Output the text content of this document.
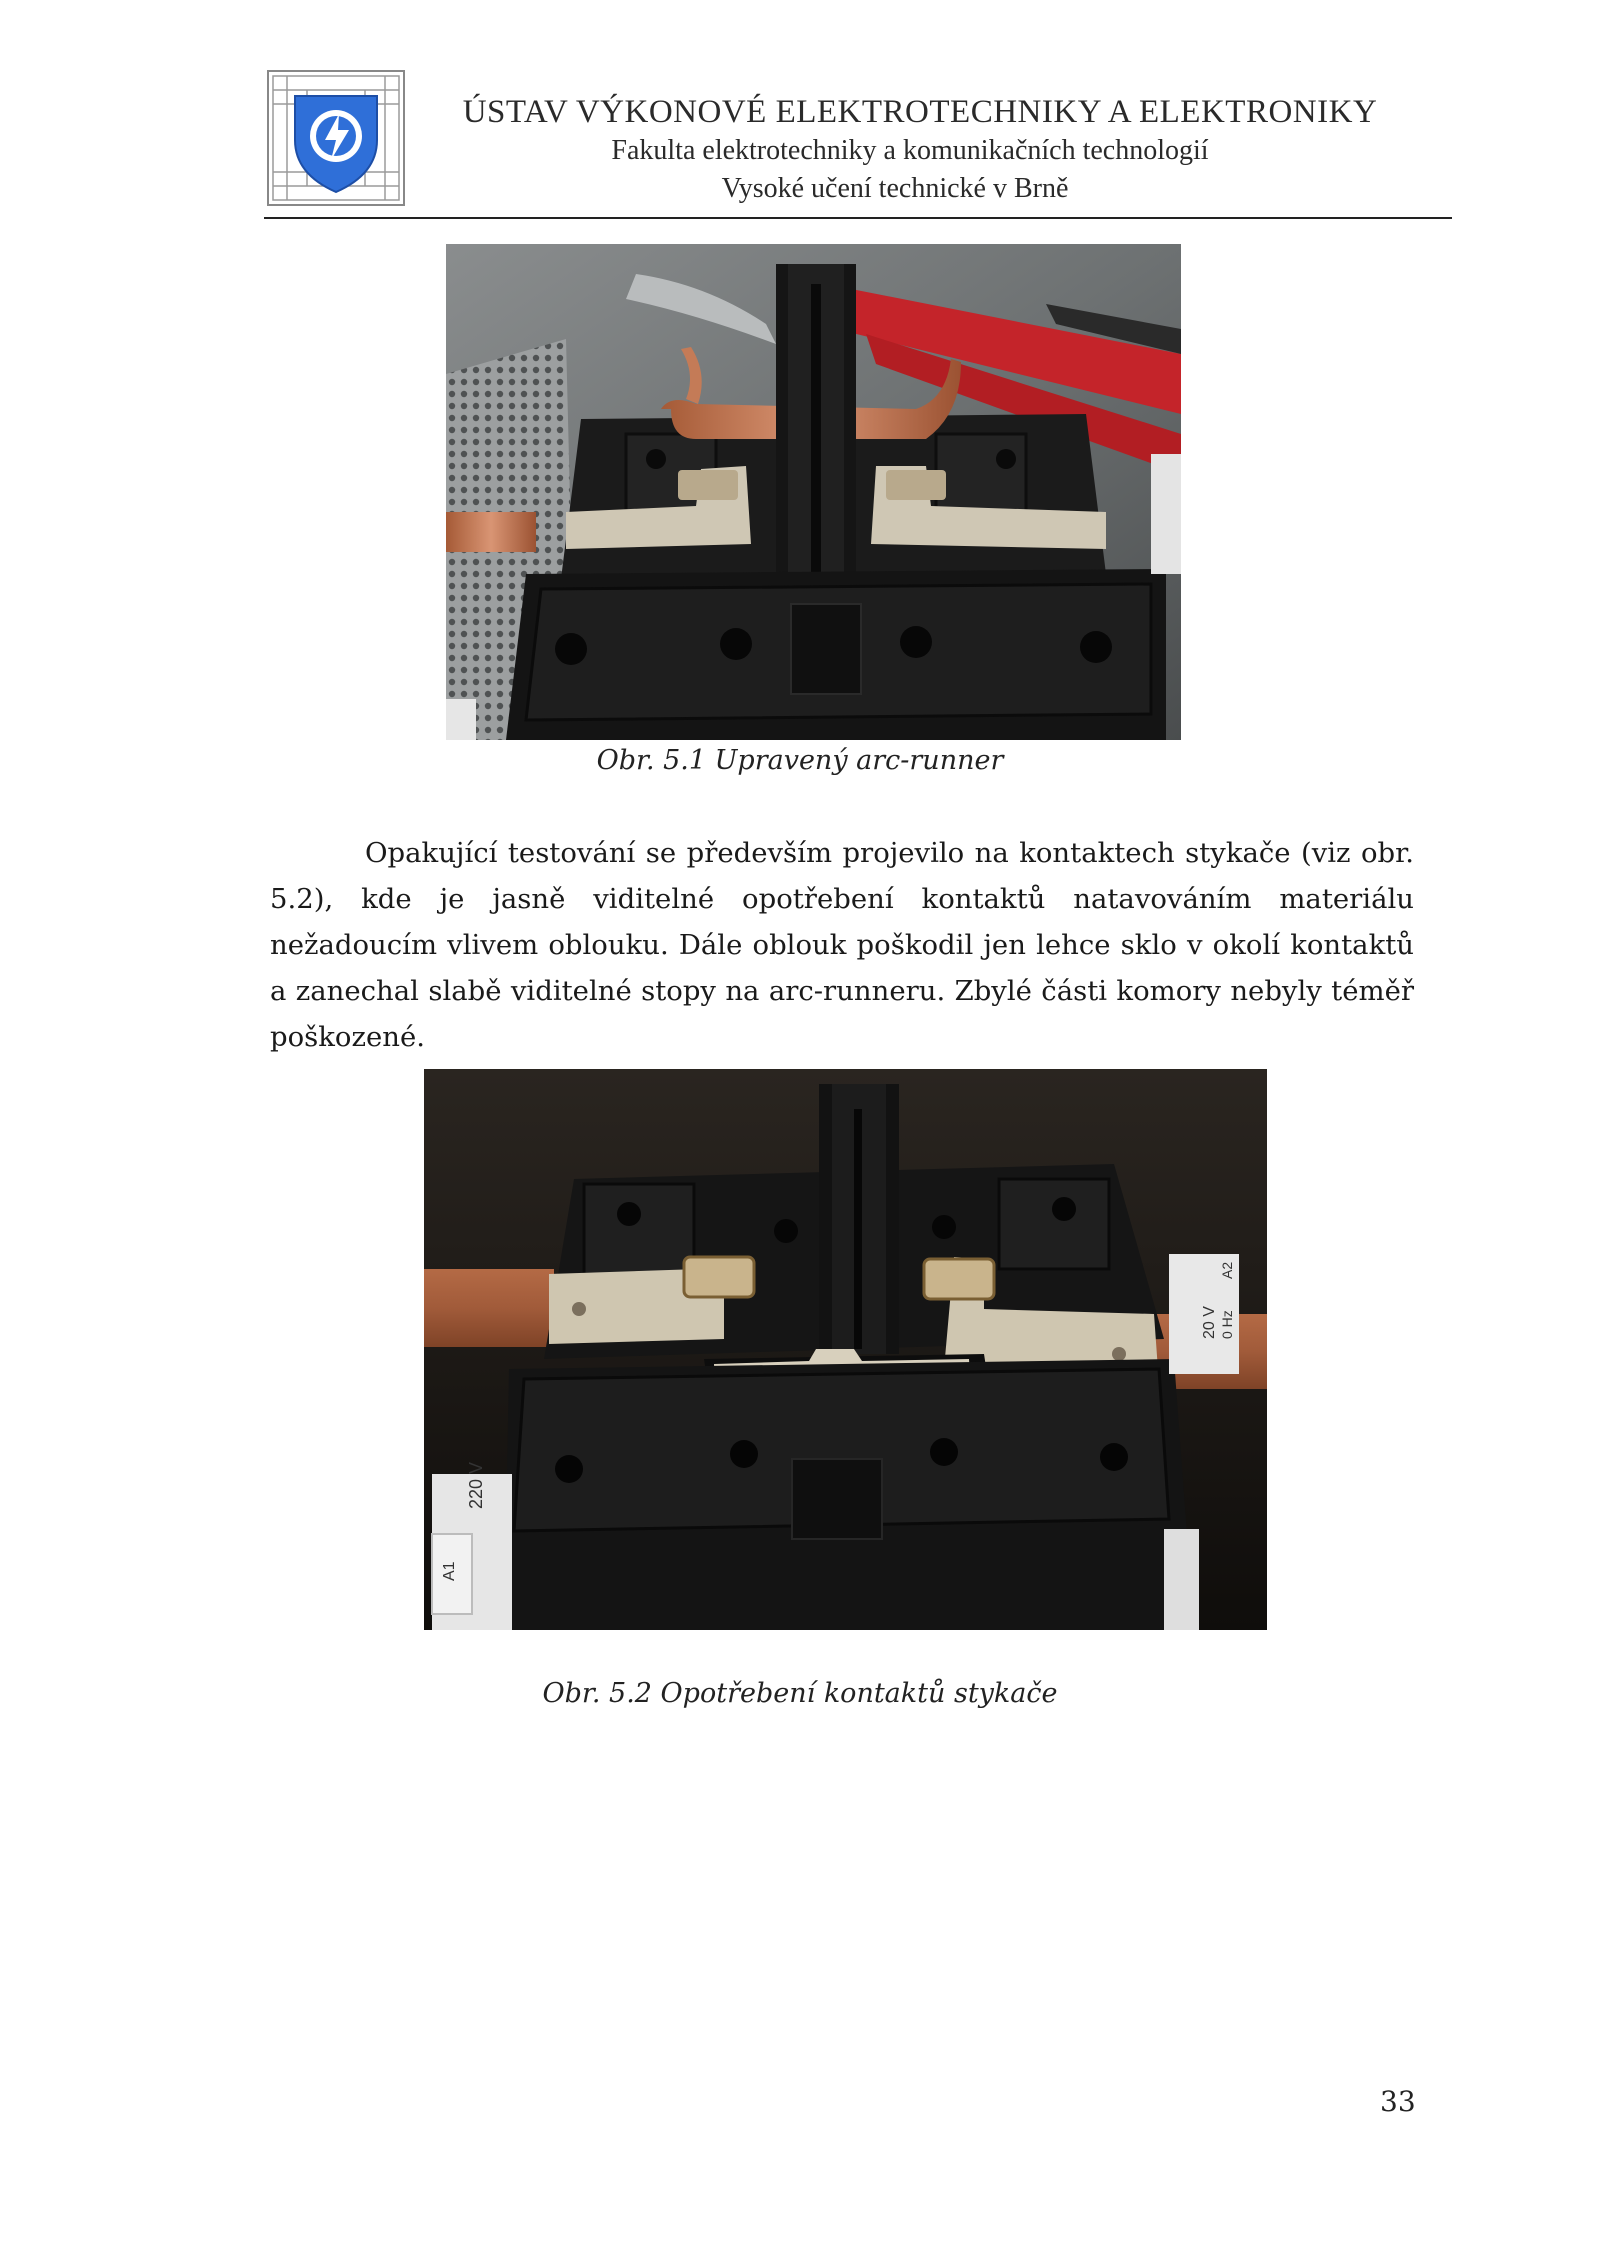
ÚSTAV VÝKONOVÉ ELEKTROTECHNIKY A ELEKTRONIKY
Fakulta elektrotechniky a komunikačních technologií
Vysoké učení technické v Brně
Obr. 5.1 Upravený arc-runner
Opakující testování se především projevilo na kontaktech stykače (viz obr. 5.2), kde je jasně viditelné opotřebení kontaktů natavováním materiálu nežadoucím vlivem oblouku. Dále oblouk poškodil jen lehce sklo v okolí kontaktů a zanechal slabě viditelné stopy na arc-runneru. Zbylé části komory nebyly téměř poškozené.
220 V
A1
20 V 0 Hz
A2
Obr. 5.2 Opotřebení kontaktů stykače
33
